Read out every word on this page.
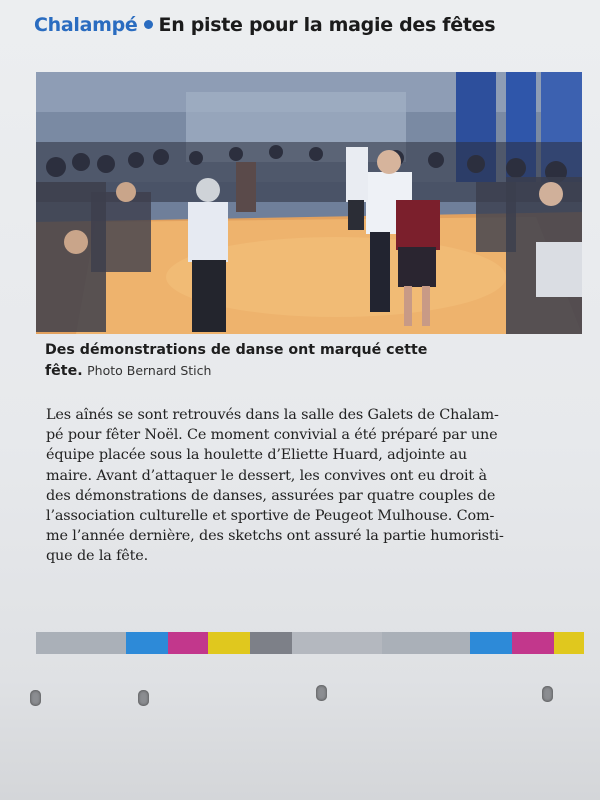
Chalampé En piste pour la magie des fêtes
Des démonstrations de danse ont marqué cette
fête. Photo Bernard Stich
Les aînés se sont retrouvés dans la salle des Galets de Chalam-
pé pour fêter Noël. Ce moment convivial a été préparé par une
équipe placée sous la houlette d’Eliette Huard, adjointe au
maire. Avant d’attaquer le dessert, les convives ont eu droit à
des démonstrations de danses, assurées par quatre couples de
l’association culturelle et sportive de Peugeot Mulhouse. Com-
me l’année dernière, des sketchs ont assuré la partie humoristi-
que de la fête.
